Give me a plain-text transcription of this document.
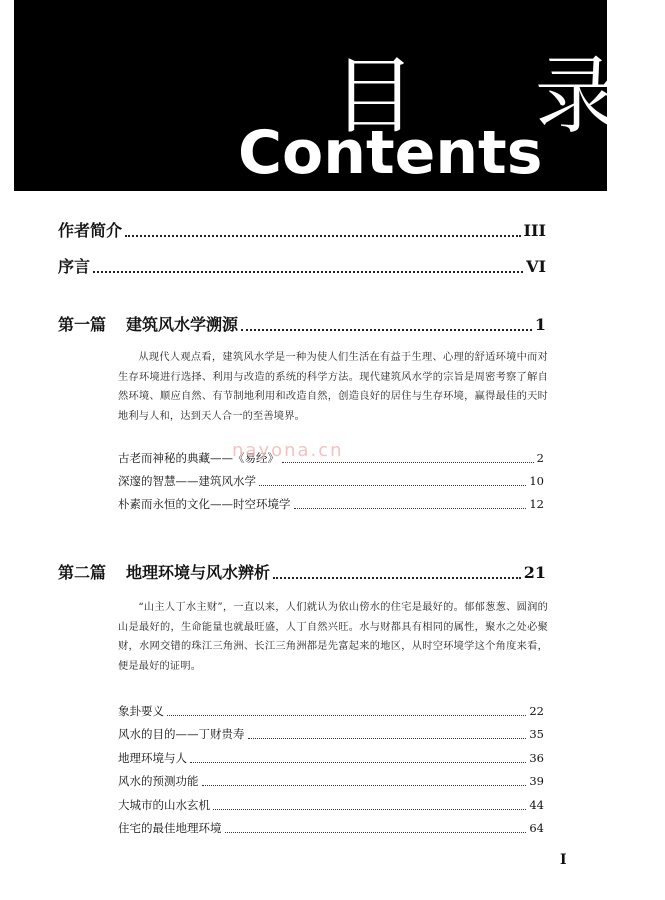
目 录
Contents
作者简介	III
序言	VI
第一篇 建筑风水学溯源	1
从现代人观点看，建筑风水学是一种为使人们生活在有益于生理、心理的舒适环境中而对生存环境进行选择、利用与改造的系统的科学方法。现代建筑风水学的宗旨是周密考察了解自然环境、顺应自然、有节制地利用和改造自然，创造良好的居住与生存环境，赢得最佳的天时地利与人和，达到天人合一的至善境界。
古老而神秘的典藏——《易经》	2
深邃的智慧——建筑风水学	10
朴素而永恒的文化——时空环境学	12
第二篇 地理环境与风水辨析	21
“山主人丁水主财”，一直以来，人们就认为依山傍水的住宅是最好的。郁郁葱葱、圆润的山是最好的，生命能量也就最旺盛，人丁自然兴旺。水与财都具有相同的属性，聚水之处必聚财，水网交错的珠江三角洲、长江三角洲都是先富起来的地区，从时空环境学这个角度来看，便是最好的证明。
象卦要义	22
风水的目的——丁财贵寿	35
地理环境与人	36
风水的预测功能	39
大城市的山水玄机	44
住宅的最佳地理环境	64
nayona.cn
I
